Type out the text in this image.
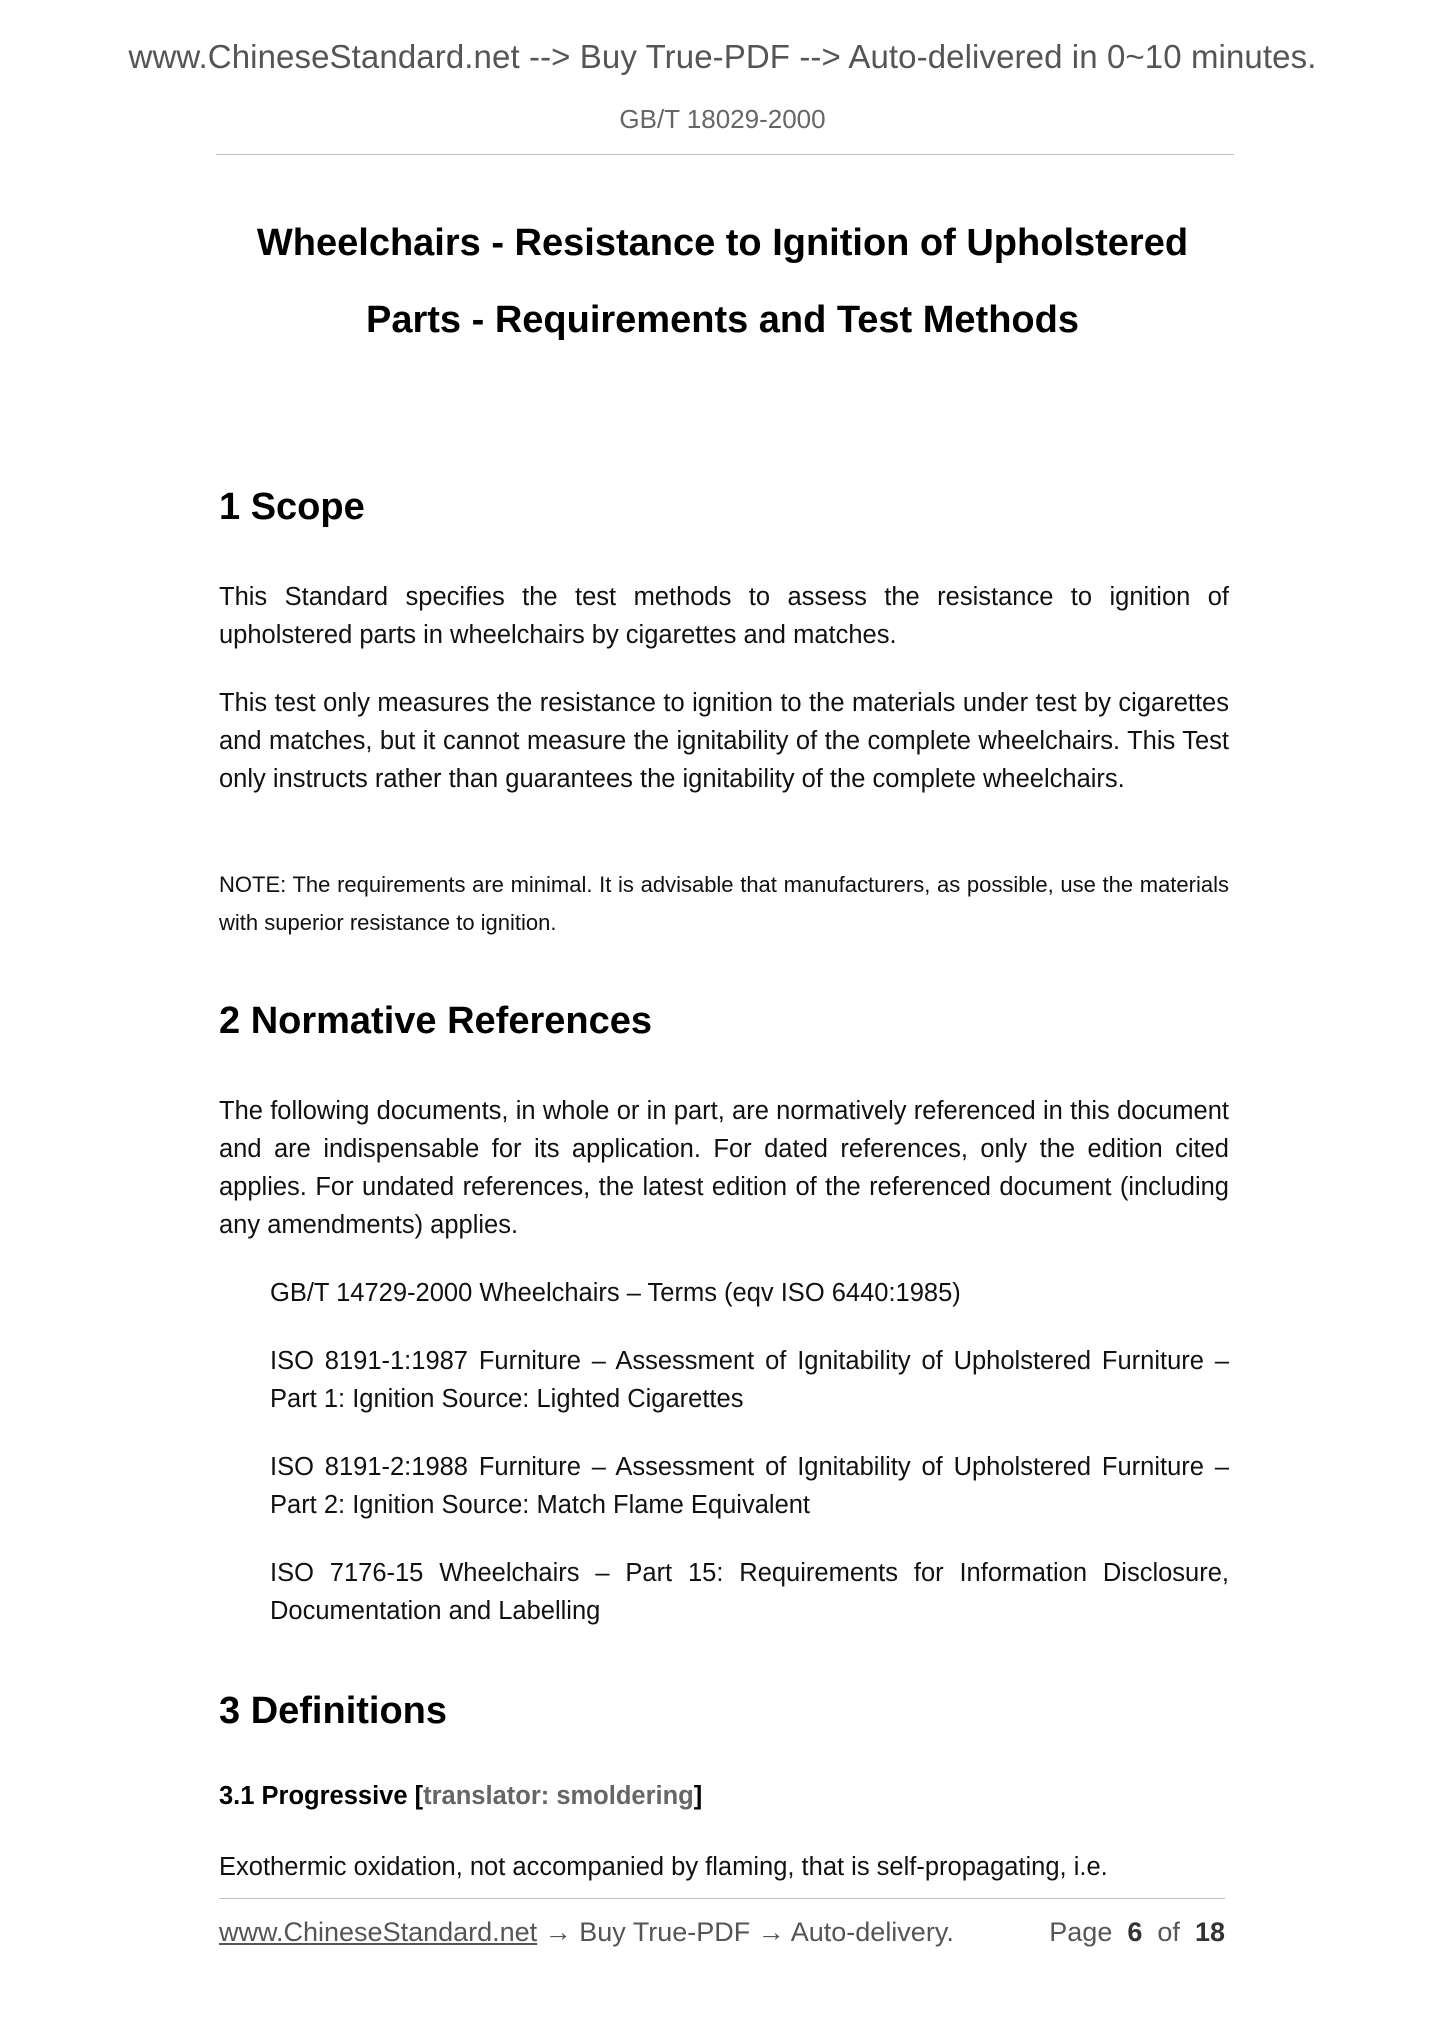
www.ChineseStandard.net --> Buy True-PDF --> Auto-delivered in 0~10 minutes.
GB/T 18029-2000
Wheelchairs - Resistance to Ignition of Upholstered
Parts - Requirements and Test Methods
1 Scope

This Standard specifies the test methods to assess the resistance to ignition of upholstered parts in wheelchairs by cigarettes and matches.

This test only measures the resistance to ignition to the materials under test by cigarettes and matches, but it cannot measure the ignitability of the complete wheelchairs. This Test only instructs rather than guarantees the ignitability of the complete wheelchairs.

NOTE: The requirements are minimal. It is advisable that manufacturers, as possible, use the materials with superior resistance to ignition.

2 Normative References

The following documents, in whole or in part, are normatively referenced in this document and are indispensable for its application. For dated references, only the edition cited applies. For undated references, the latest edition of the referenced document (including any amendments) applies.

GB/T 14729-2000 Wheelchairs – Terms (eqv ISO 6440:1985)

ISO 8191-1:1987 Furniture – Assessment of Ignitability of Upholstered Furniture – Part 1: Ignition Source: Lighted Cigarettes

ISO 8191-2:1988 Furniture – Assessment of Ignitability of Upholstered Furniture – Part 2: Ignition Source: Match Flame Equivalent

ISO 7176-15 Wheelchairs – Part 15: Requirements for Information Disclosure, Documentation and Labelling

3 Definitions

3.1 Progressive [translator: smoldering]

Exothermic oxidation, not accompanied by flaming, that is self-propagating, i.e.

www.ChineseStandard.net → Buy True-PDF → Auto-delivery.	Page 6 of 18
